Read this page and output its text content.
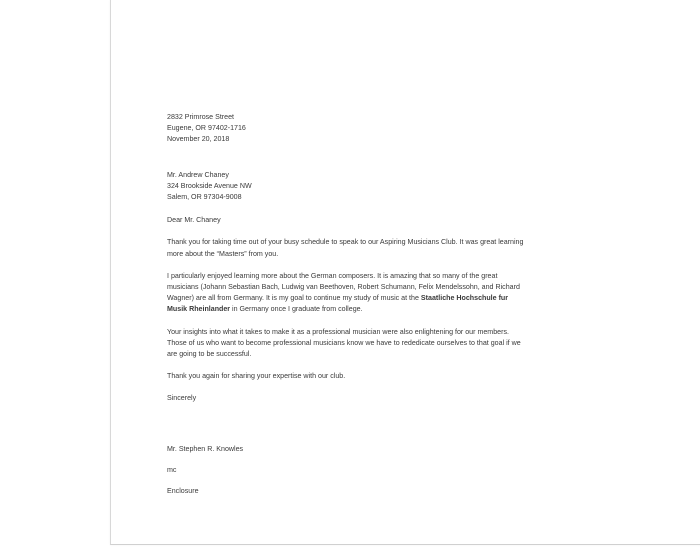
2832 Primrose Street

Eugene, OR 97402-1716

November 20, 2018

Mr. Andrew Chaney

324 Brookside Avenue NW

Salem, OR 97304-9008

Dear Mr. Chaney

Thank you for taking time out of your busy schedule to speak to our Aspiring Musicians Club. It was great learning more about the “Masters” from you.

I particularly enjoyed learning more about the German composers. It is amazing that so many of the great musicians (Johann Sebastian Bach, Ludwig van Beethoven, Robert Schumann, Felix Mendelssohn, and Richard Wagner) are all from Germany. It is my goal to continue my study of music at the Staatliche Hochschule fur Musik Rheinlander in Germany once I graduate from college.

Your insights into what it takes to make it as a professional musician were also enlightening for our members. Those of us who want to become professional musicians know we have to rededicate ourselves to that goal if we are going to be successful.

Thank you again for sharing your expertise with our club.

Sincerely

Mr. Stephen R. Knowles

mc

Enclosure
